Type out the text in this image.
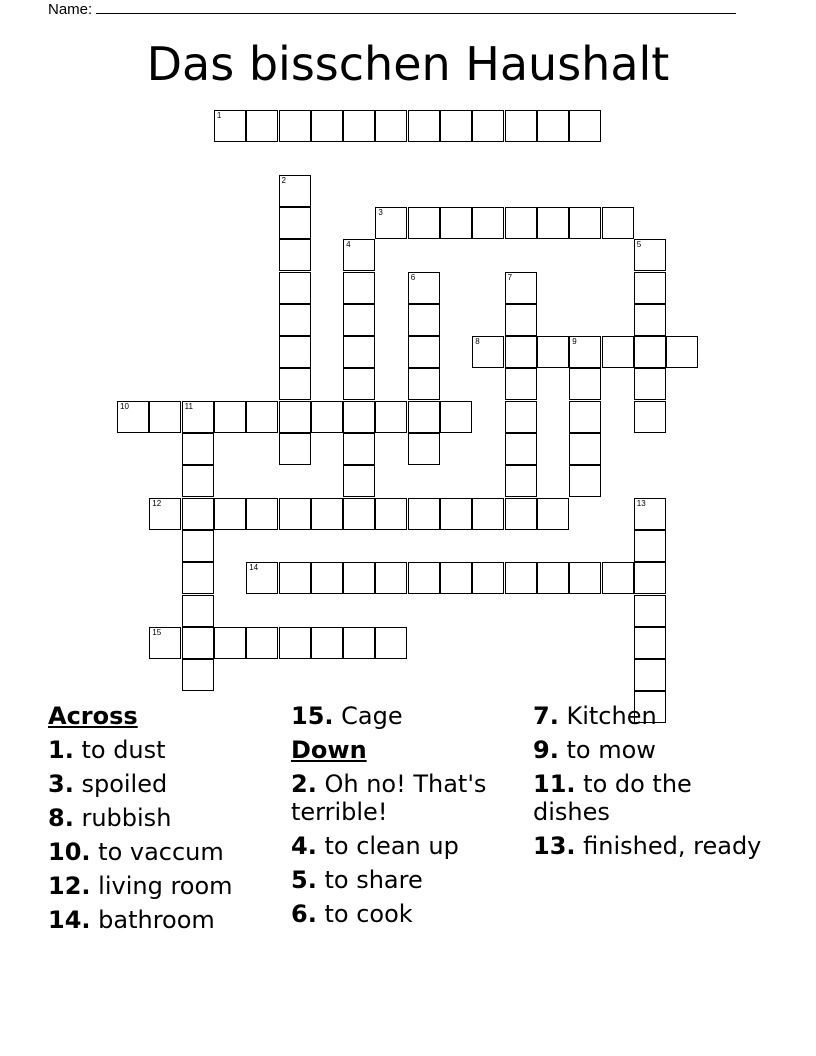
Name:
Das bisschen Haushalt
1
2
3
4	5
6	7
8	9
10	11
12	13
14
15
Across
1. to dust
3. spoiled
8. rubbish
10. to vaccum
12. living room
14. bathroom
15. Cage
Down
2. Oh no! That's terrible!
4. to clean up
5. to share
6. to cook
7. Kitchen
9. to mow
11. to do the dishes
13. finished, ready
